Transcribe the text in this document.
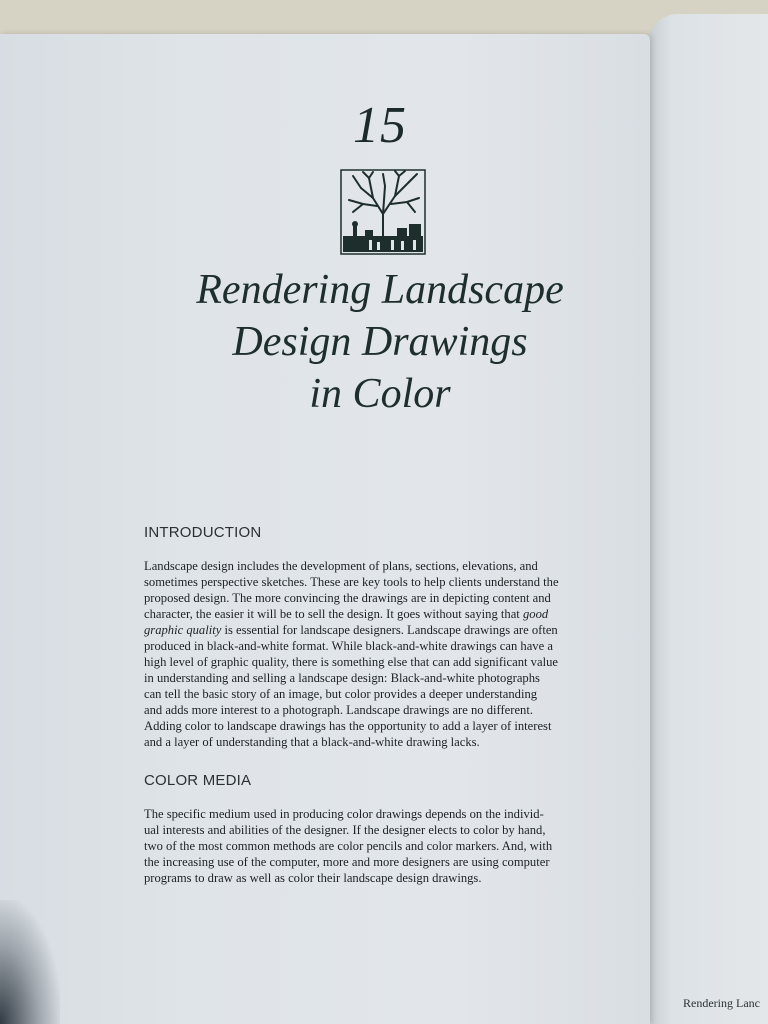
15
Rendering Landscape
Design Drawings
in Color
INTRODUCTION
Landscape design includes the development of plans, sections, elevations, and
sometimes perspective sketches. These are key tools to help clients understand the
proposed design. The more convincing the drawings are in depicting content and
character, the easier it will be to sell the design. It goes without saying that good
graphic quality is essential for landscape designers. Landscape drawings are often
produced in black-and-white format. While black-and-white drawings can have a
high level of graphic quality, there is something else that can add significant value
in understanding and selling a landscape design: Black-and-white photographs
can tell the basic story of an image, but color provides a deeper understanding
and adds more interest to a photograph. Landscape drawings are no different.
Adding color to landscape drawings has the opportunity to add a layer of interest
and a layer of understanding that a black-and-white drawing lacks.
COLOR MEDIA
The specific medium used in producing color drawings depends on the individ-
ual interests and abilities of the designer. If the designer elects to color by hand,
two of the most common methods are color pencils and color markers. And, with
the increasing use of the computer, more and more designers are using computer
programs to draw as well as color their landscape design drawings.
Rendering Lanc
